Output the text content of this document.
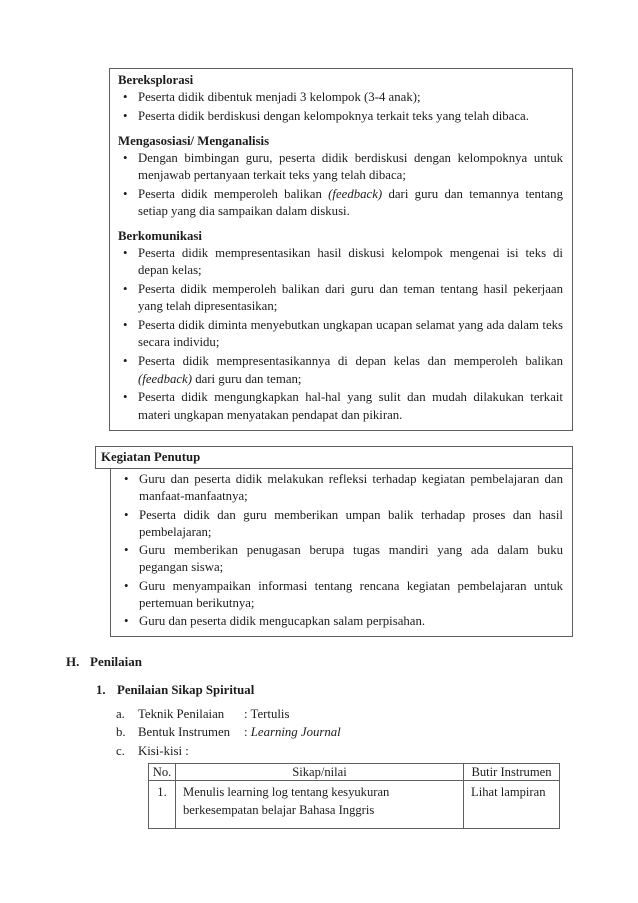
Bereksplorasi
• Peserta didik dibentuk menjadi 3 kelompok (3-4 anak);
• Peserta didik berdiskusi dengan kelompoknya terkait teks yang telah dibaca.
Mengasosiasi/ Menganalisis
• Dengan bimbingan guru, peserta didik berdiskusi dengan kelompoknya untuk menjawab pertanyaan terkait teks yang telah dibaca;
• Peserta didik memperoleh balikan (feedback) dari guru dan temannya tentang setiap yang dia sampaikan dalam diskusi.
Berkomunikasi
• Peserta didik mempresentasikan hasil diskusi kelompok mengenai isi teks di depan kelas;
• Peserta didik memperoleh balikan dari guru dan teman tentang hasil pekerjaan yang telah dipresentasikan;
• Peserta didik diminta menyebutkan ungkapan ucapan selamat yang ada dalam teks secara individu;
• Peserta didik mempresentasikannya di depan kelas dan memperoleh balikan (feedback) dari guru dan teman;
• Peserta didik mengungkapkan hal-hal yang sulit dan mudah dilakukan terkait materi ungkapan menyatakan pendapat dan pikiran.
Kegiatan Penutup
• Guru dan peserta didik melakukan refleksi terhadap kegiatan pembelajaran dan manfaat-manfaatnya;
• Peserta didik dan guru memberikan umpan balik terhadap proses dan hasil pembelajaran;
• Guru memberikan penugasan berupa tugas mandiri yang ada dalam buku pegangan siswa;
• Guru menyampaikan informasi tentang rencana kegiatan pembelajaran untuk pertemuan berikutnya;
• Guru dan peserta didik mengucapkan salam perpisahan.
H. Penilaian
1. Penilaian Sikap Spiritual
a.	Teknik Penilaian	: Tertulis
b. Bentuk Instrumen	: Learning Journal
c.	Kisi-kisi :
No.	Sikap/nilai	Butir Instrumen
1.	Menulis learning log tentang kesyukuran berkesempatan belajar Bahasa Inggris	Lihat lampiran
